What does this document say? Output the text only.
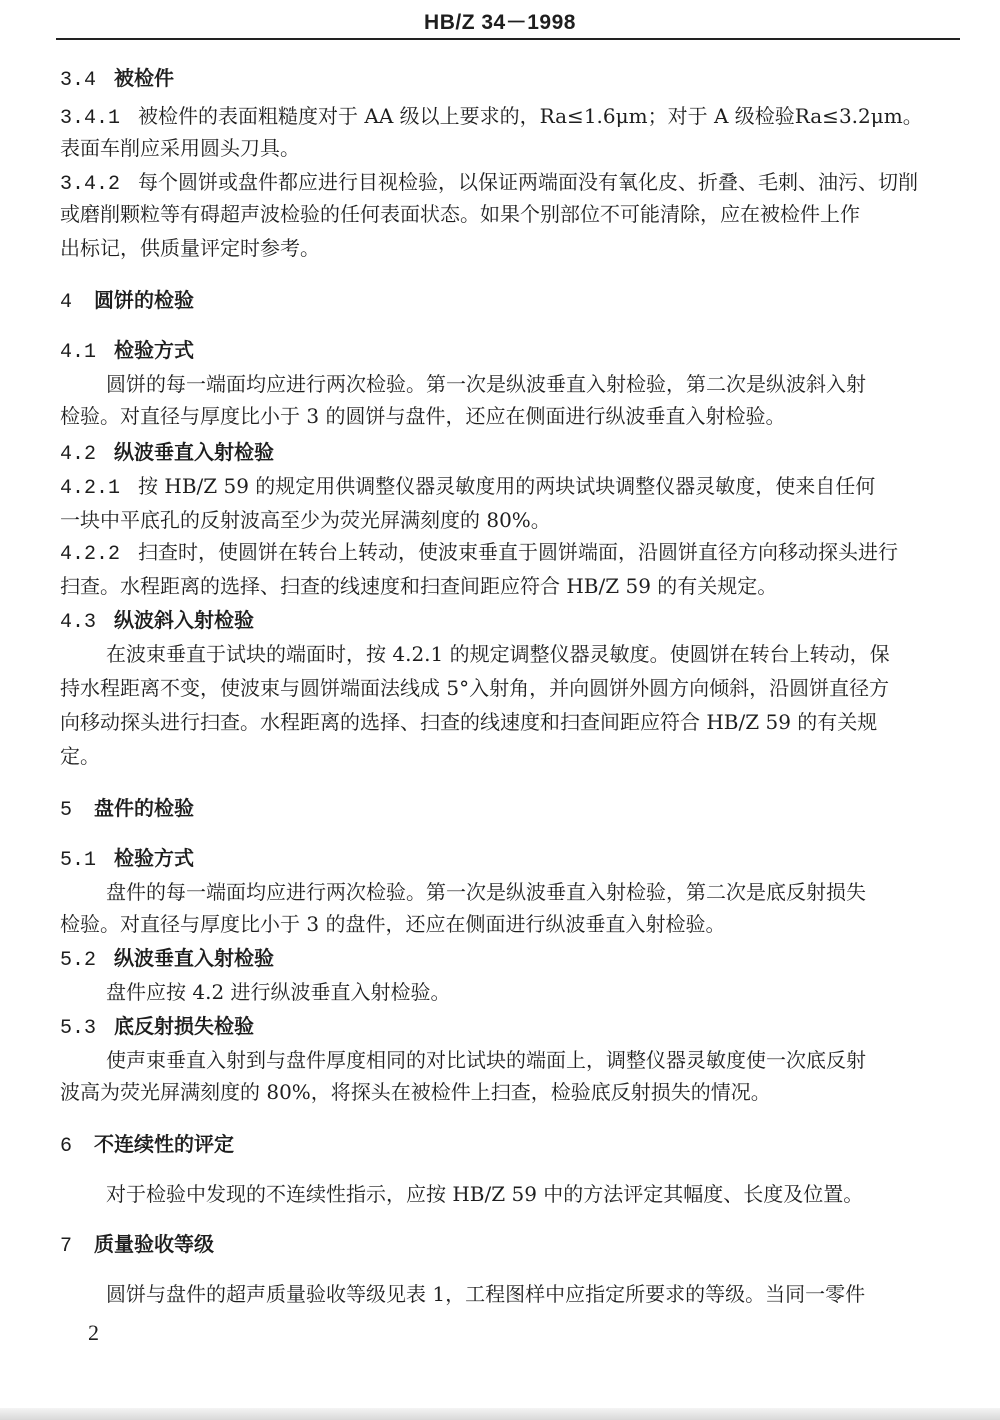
HB/Z 34－1998
3.4 被检件
3.4.1 被检件的表面粗糙度对于 AA 级以上要求的，Ra≤1.6μm；对于 A 级检验Ra≤3.2μm。
表面车削应采用圆头刀具。
3.4.2 每个圆饼或盘件都应进行目视检验，以保证两端面没有氧化皮、折叠、毛刺、油污、切削
或磨削颗粒等有碍超声波检验的任何表面状态。如果个别部位不可能清除，应在被检件上作
出标记，供质量评定时参考。
4 圆饼的检验
4.1 检验方式
圆饼的每一端面均应进行两次检验。第一次是纵波垂直入射检验，第二次是纵波斜入射
检验。对直径与厚度比小于 3 的圆饼与盘件，还应在侧面进行纵波垂直入射检验。
4.2 纵波垂直入射检验
4.2.1 按 HB/Z 59 的规定用供调整仪器灵敏度用的两块试块调整仪器灵敏度，使来自任何
一块中平底孔的反射波高至少为荧光屏满刻度的 80%。
4.2.2 扫查时，使圆饼在转台上转动，使波束垂直于圆饼端面，沿圆饼直径方向移动探头进行
扫查。水程距离的选择、扫查的线速度和扫查间距应符合 HB/Z 59 的有关规定。
4.3 纵波斜入射检验
在波束垂直于试块的端面时，按 4.2.1 的规定调整仪器灵敏度。使圆饼在转台上转动，保
持水程距离不变，使波束与圆饼端面法线成 5°入射角，并向圆饼外圆方向倾斜，沿圆饼直径方
向移动探头进行扫查。水程距离的选择、扫查的线速度和扫查间距应符合 HB/Z 59 的有关规
定。
5 盘件的检验
5.1 检验方式
盘件的每一端面均应进行两次检验。第一次是纵波垂直入射检验，第二次是底反射损失
检验。对直径与厚度比小于 3 的盘件，还应在侧面进行纵波垂直入射检验。
5.2 纵波垂直入射检验
盘件应按 4.2 进行纵波垂直入射检验。
5.3 底反射损失检验
使声束垂直入射到与盘件厚度相同的对比试块的端面上，调整仪器灵敏度使一次底反射
波高为荧光屏满刻度的 80%，将探头在被检件上扫查，检验底反射损失的情况。
6 不连续性的评定
对于检验中发现的不连续性指示，应按 HB/Z 59 中的方法评定其幅度、长度及位置。
7 质量验收等级
圆饼与盘件的超声质量验收等级见表 1，工程图样中应指定所要求的等级。当同一零件
2
